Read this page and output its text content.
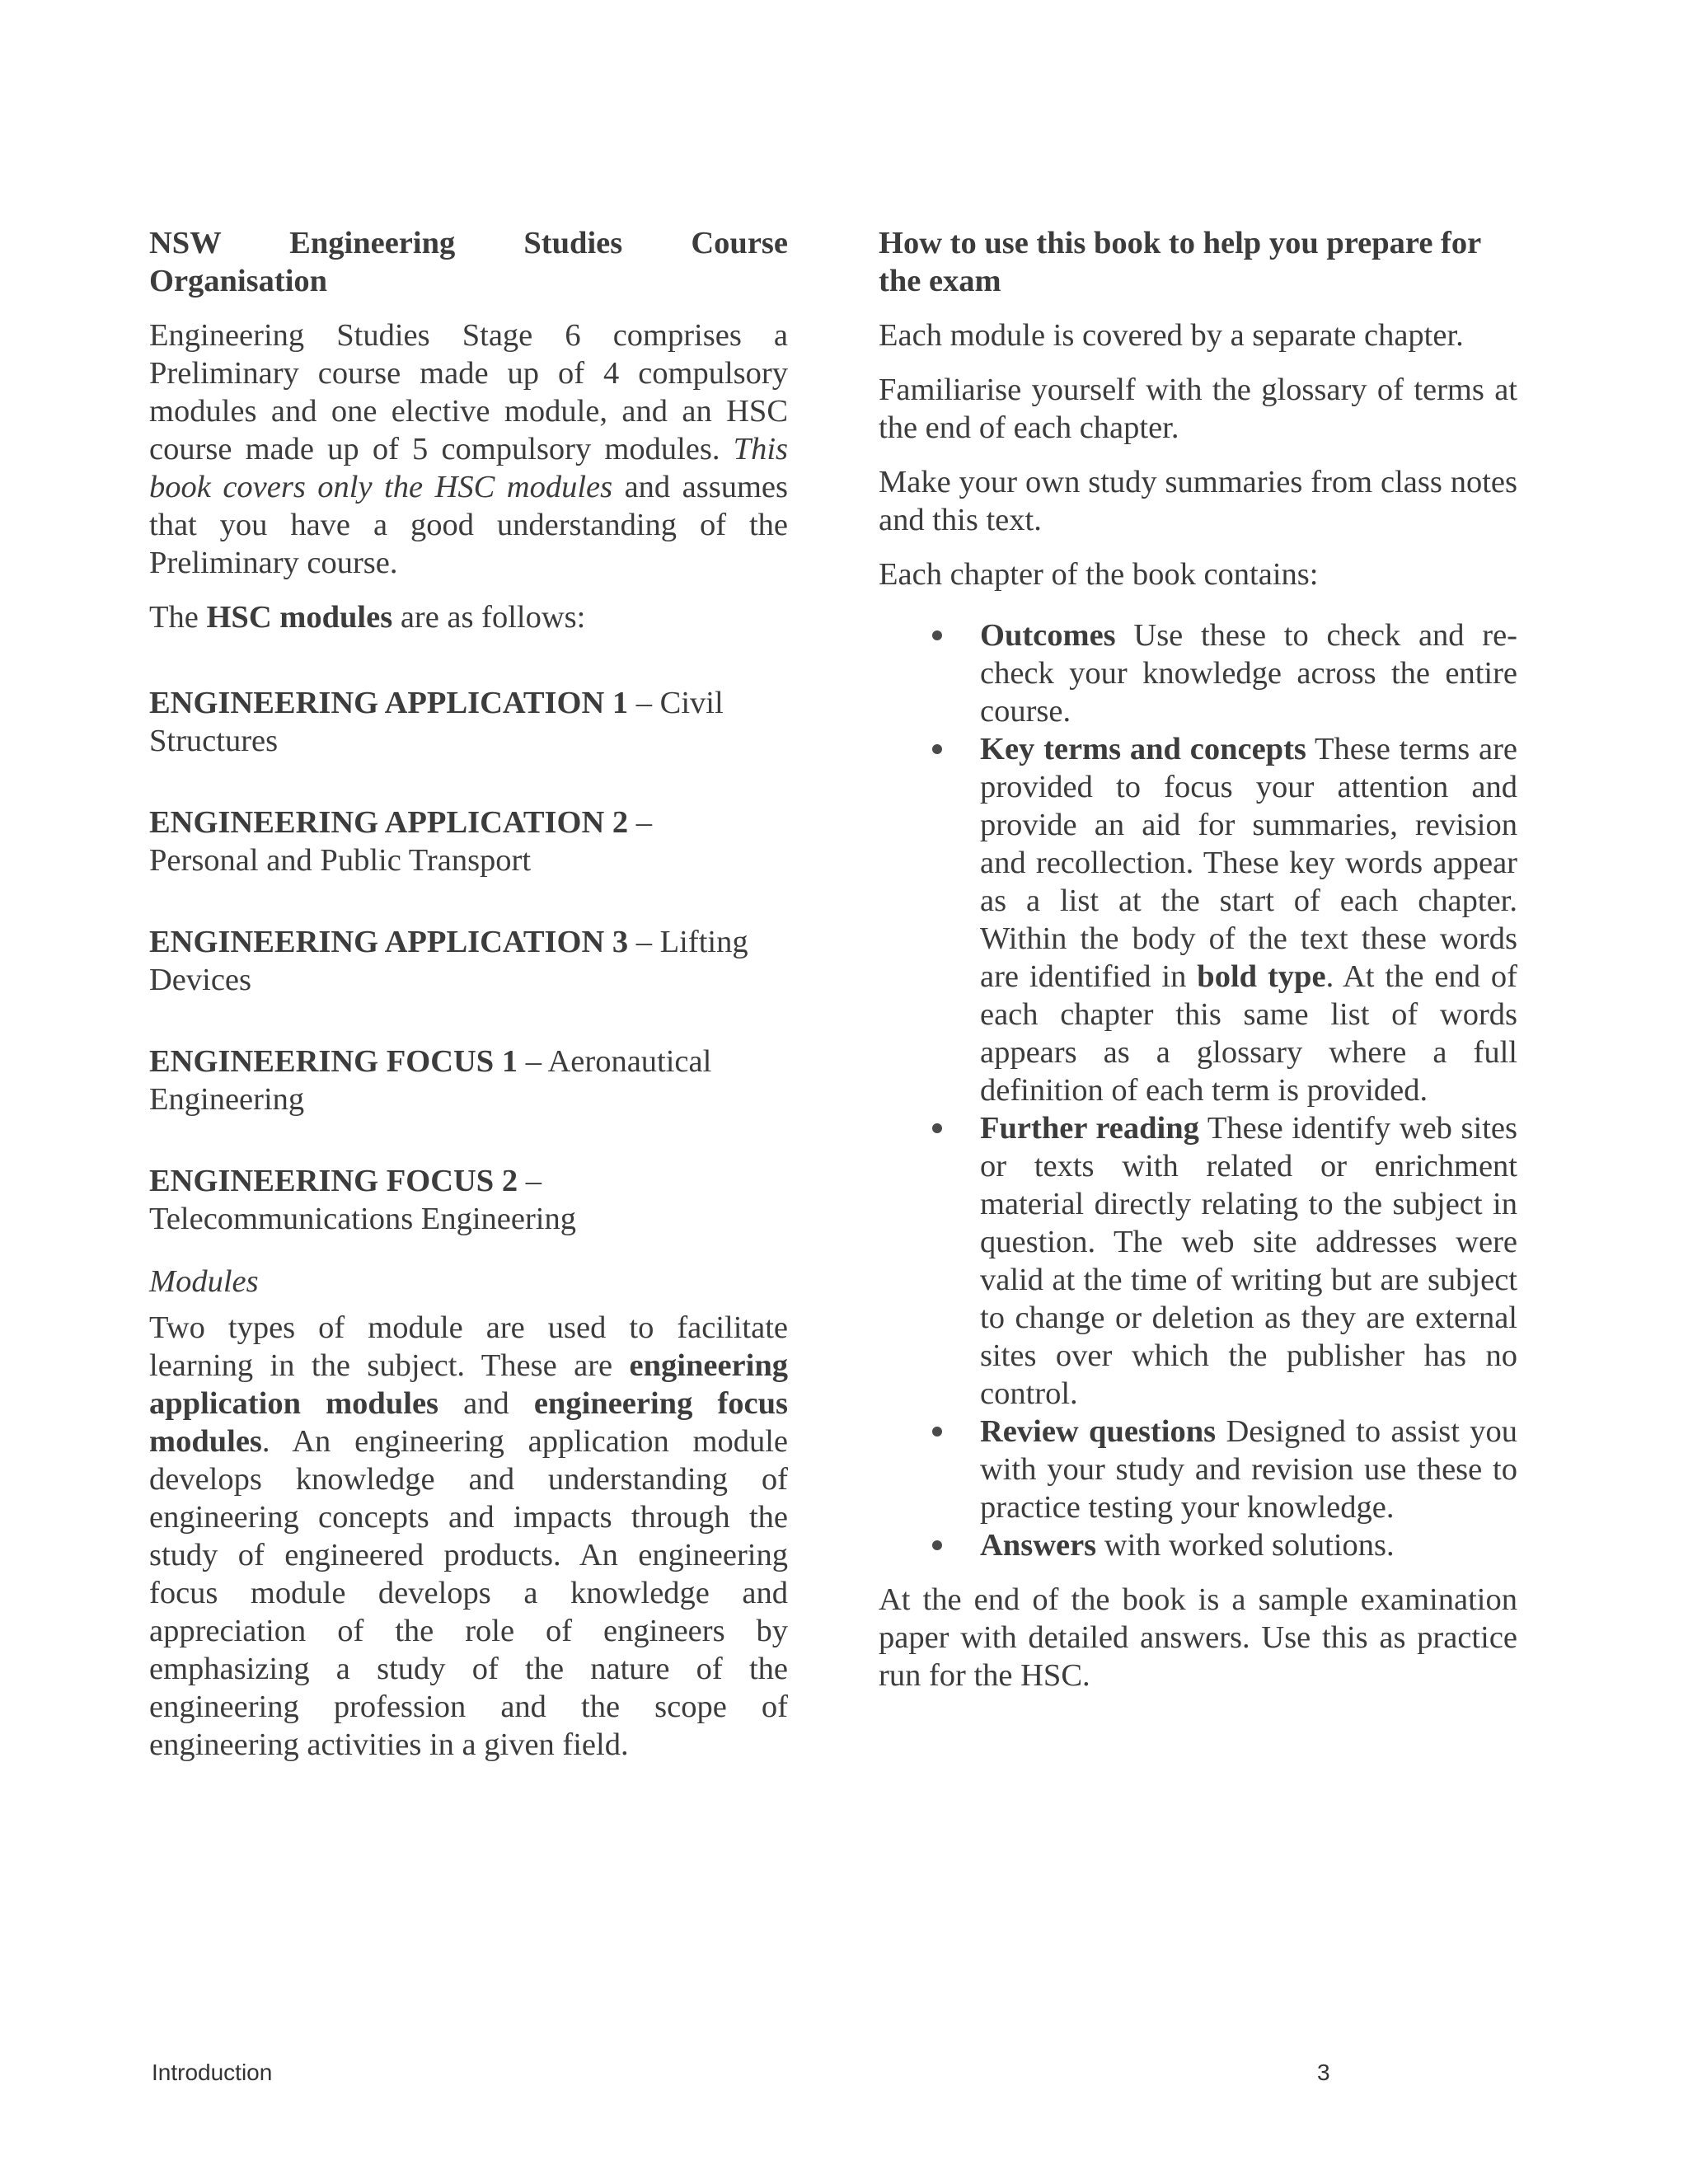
NSW Engineering Studies Course Organisation

Engineering Studies Stage 6 comprises a Preliminary course made up of 4 compulsory modules and one elective module, and an HSC course made up of 5 compulsory modules. This book covers only the HSC modules and assumes that you have a good understanding of the Preliminary course.

The HSC modules are as follows:

ENGINEERING APPLICATION 1 – Civil Structures
ENGINEERING APPLICATION 2 –
Personal and Public Transport
ENGINEERING APPLICATION 3 – Lifting Devices
ENGINEERING FOCUS 1 – Aeronautical Engineering
ENGINEERING FOCUS 2 –
Telecommunications Engineering
Modules

Two types of module are used to facilitate learning in the subject. These are engineering application modules and engineering focus modules. An engineering application module develops knowledge and understanding of engineering concepts and impacts through the study of engineered products. An engineering focus module develops a knowledge and appreciation of the role of engineers by emphasizing a study of the nature of the engineering profession and the scope of engineering activities in a given field.

How to use this book to help you prepare for the exam

Each module is covered by a separate chapter.

Familiarise yourself with the glossary of terms at the end of each chapter.

Make your own study summaries from class notes and this text.

Each chapter of the book contains:

Outcomes Use these to check and re-check your knowledge across the entire course.
Key terms and concepts These terms are provided to focus your attention and provide an aid for summaries, revision and recollection. These key words appear as a list at the start of each chapter. Within the body of the text these words are identified in bold type. At the end of each chapter this same list of words appears as a glossary where a full definition of each term is provided.
Further reading These identify web sites or texts with related or enrichment material directly relating to the subject in question. The web site addresses were valid at the time of writing but are subject to change or deletion as they are external sites over which the publisher has no control.
Review questions Designed to assist you with your study and revision use these to practice testing your knowledge.
Answers with worked solutions.

At the end of the book is a sample examination paper with detailed answers. Use this as practice run for the HSC.

Introduction	3
